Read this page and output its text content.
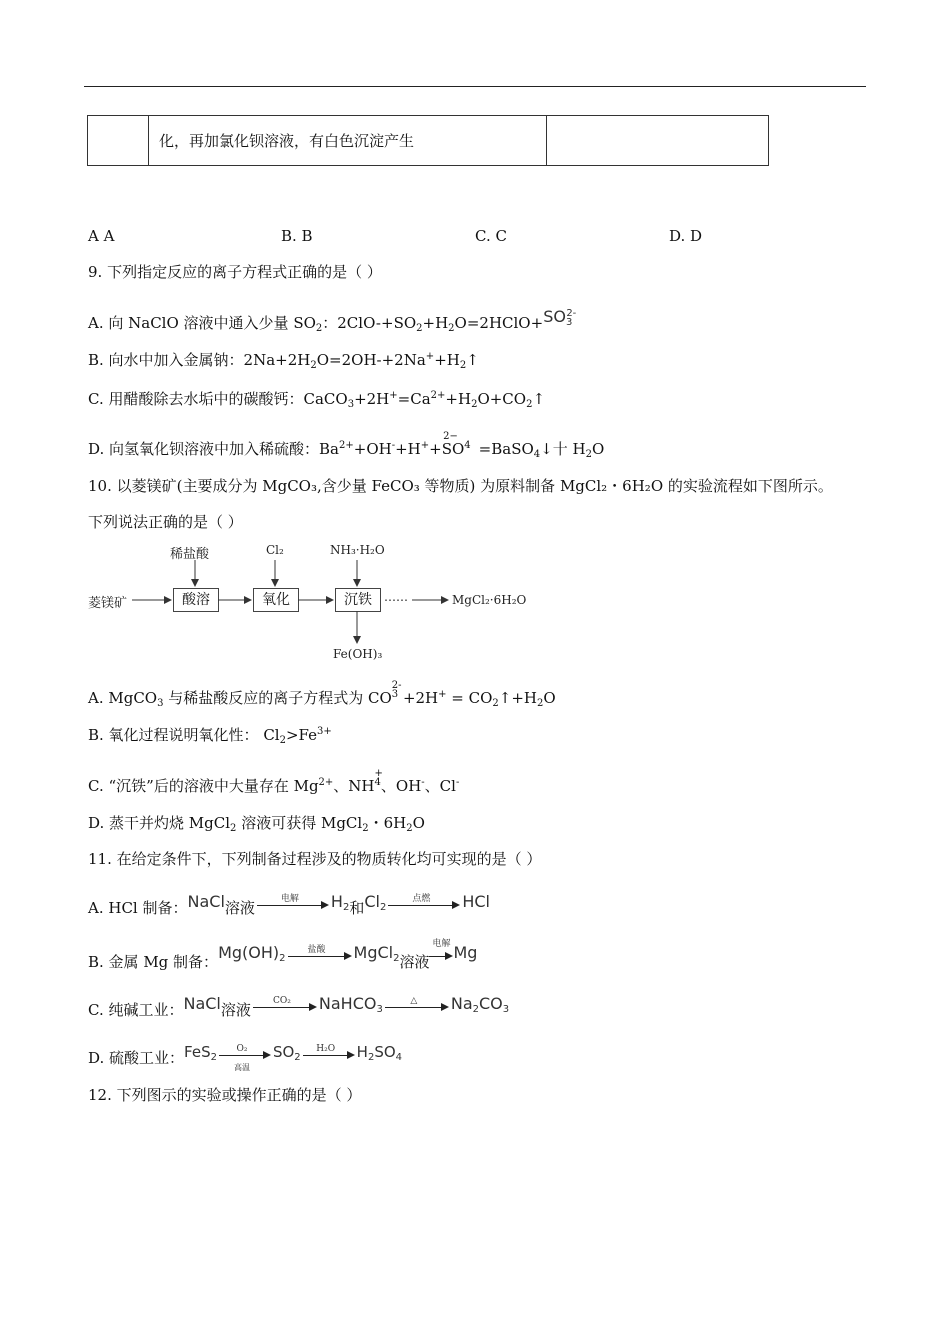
	化，再加氯化钡溶液，有白色沉淀产生	
A A	B. B	C. C	D. D
9. 下列指定反应的离子方程式正确的是（ ）
A. 向 NaClO 溶液中通入少量 $SO_2$：$2ClO-+SO_2+H_2O=2HClO+SO_3^{2-}$
B. 向水中加入金属钠：$2Na+2H_2O=2OH-+2Na^++H_2↑$
C. 用醋酸除去水垢中的碳酸钙：$CaCO_3+2H^+=Ca^{2+}+H_2O+CO_2↑$
D. 向氢氧化钡溶液中加入稀硫酸：$Ba^{2+}+OH^-+H^++SO^4$
2−
=BaSO$_4$↓十 $H_2O$
10. 以菱镁矿(主要成分为 MgCO₃,含少量 FeCO₃ 等物质) 为原料制备 MgCl₂・6H₂O 的实验流程如下图所示。
下列说法正确的是（ ）
菱镁矿
稀盐酸	Cl₂	NH₃·H₂O
酸溶	氧化	沉铁	……	MgCl₂·6H₂O
Fe(OH)₃
A. MgCO$_3$ 与稀盐酸反应的离子方程式为 $CO^3$
2-
$+2H^+ = CO_2↑+H_2O$
B. 氧化过程说明氧化性： $Cl_2>Fe^{3+}$
C. “沉铁”后的溶液中大量存在 $Mg^{2+}$、$NH^4$
+
、OH-、Cl-
D. 蒸干并灼烧 MgCl$_2$ 溶液可获得 MgCl$_2$・$6H_2O$
11. 在给定条件下，下列制备过程涉及的物质转化均可实现的是（ ）
A. HCl 制备：NaCl溶液	电解	$H_2$和$Cl_2$
点燃	HCl
B. 金属 Mg 制备：$Mg(OH)_2$
盐酸	MgCl$_2$溶液
电解 Mg
C. 纯碱工业：NaCl溶液	CO₂	NaHCO$_3$
△	$Na_2CO_3$
D. 硫酸工业：FeS$_2$
O₂
高温
$SO_2$
H₂O	$H_2SO_4$
12. 下列图示的实验或操作正确的是（ ）
